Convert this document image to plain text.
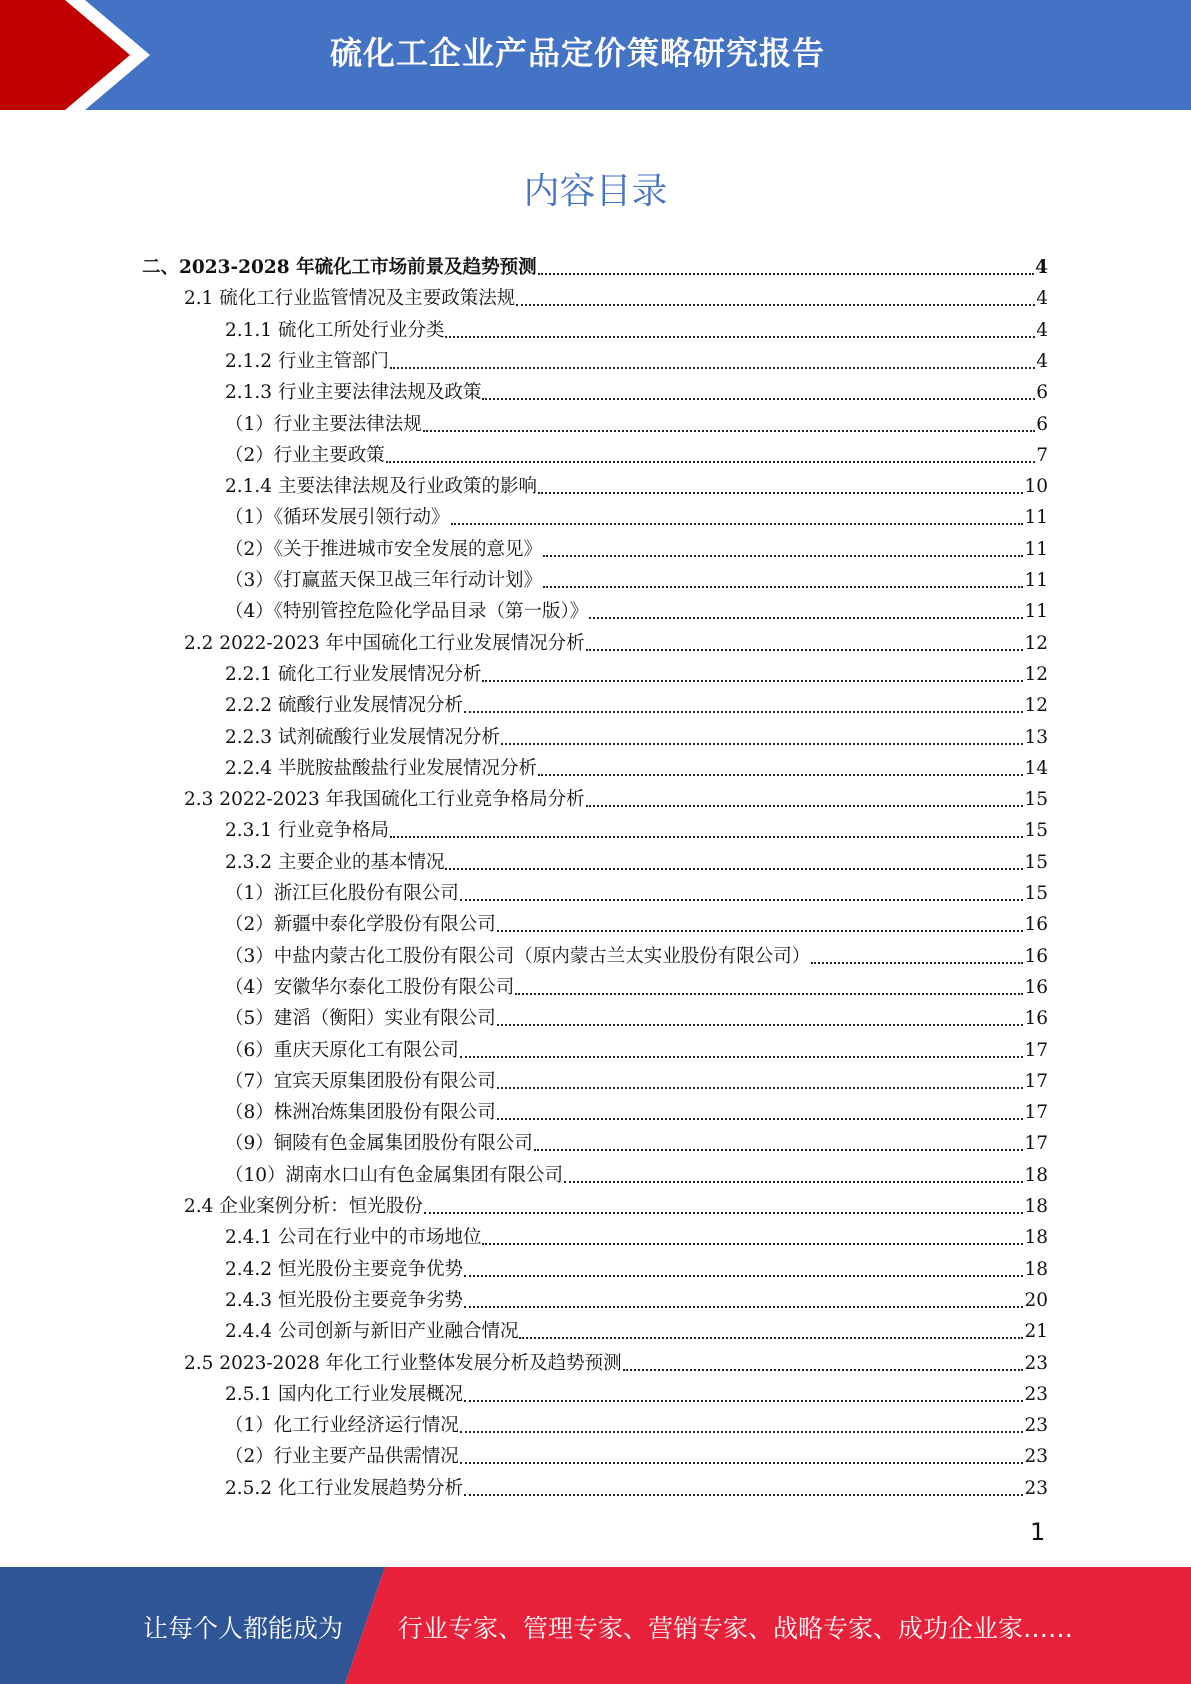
硫化工企业产品定价策略研究报告
内容目录
二、2023-2028 年硫化工市场前景及趋势预测	4
2.1 硫化工行业监管情况及主要政策法规	4
2.1.1 硫化工所处行业分类	4
2.1.2 行业主管部门	4
2.1.3 行业主要法律法规及政策	6
（1）行业主要法律法规	6
（2）行业主要政策	7
2.1.4 主要法律法规及行业政策的影响	10
（1）《循环发展引领行动》	11
（2）《关于推进城市安全发展的意见》	11
（3）《打赢蓝天保卫战三年行动计划》	11
（4）《特别管控危险化学品目录（第一版）》	11
2.2 2022-2023 年中国硫化工行业发展情况分析	12
2.2.1 硫化工行业发展情况分析	12
2.2.2 硫酸行业发展情况分析	12
2.2.3 试剂硫酸行业发展情况分析	13
2.2.4 半胱胺盐酸盐行业发展情况分析	14
2.3 2022-2023 年我国硫化工行业竞争格局分析	15
2.3.1 行业竞争格局	15
2.3.2 主要企业的基本情况	15
（1）浙江巨化股份有限公司	15
（2）新疆中泰化学股份有限公司	16
（3）中盐内蒙古化工股份有限公司（原内蒙古兰太实业股份有限公司）	16
（4）安徽华尔泰化工股份有限公司	16
（5）建滔（衡阳）实业有限公司	16
（6）重庆天原化工有限公司	17
（7）宜宾天原集团股份有限公司	17
（8）株洲冶炼集团股份有限公司	17
（9）铜陵有色金属集团股份有限公司	17
（10）湖南水口山有色金属集团有限公司	18
2.4 企业案例分析：恒光股份	18
2.4.1 公司在行业中的市场地位	18
2.4.2 恒光股份主要竞争优势	18
2.4.3 恒光股份主要竞争劣势	20
2.4.4 公司创新与新旧产业融合情况	21
2.5 2023-2028 年化工行业整体发展分析及趋势预测	23
2.5.1 国内化工行业发展概况	23
（1）化工行业经济运行情况	23
（2）行业主要产品供需情况	23
2.5.2 化工行业发展趋势分析	23
1
让每个人都能成为 行业专家、管理专家、营销专家、战略专家、成功企业家……
